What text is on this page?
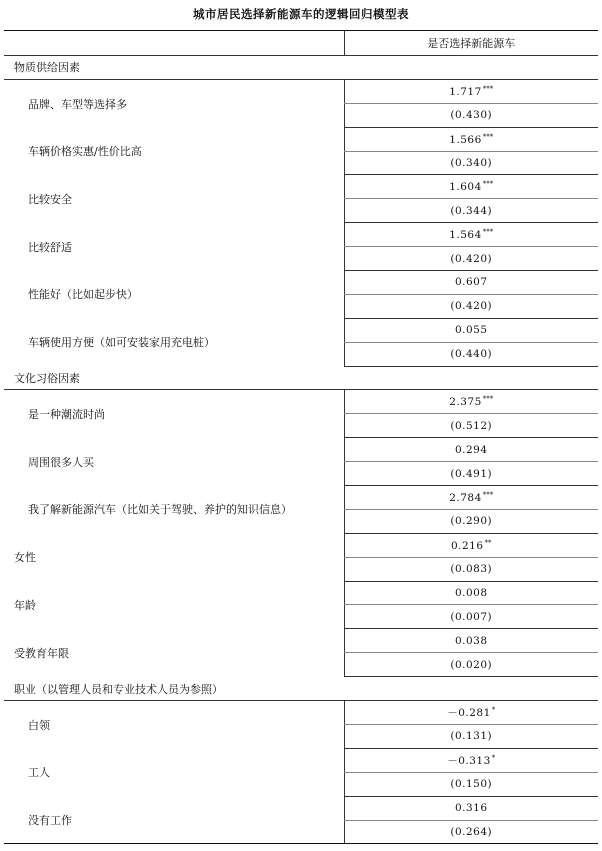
城市居民选择新能源车的逻辑回归模型表
	是否选择新能源车
物质供给因素	
品牌、车型等选择多	1.717***
	(0.430)
车辆价格实惠/性价比高	1.566***
	(0.340)
比较安全	1.604***
	(0.344)
比较舒适	1.564***
	(0.420)
性能好（比如起步快）	0.607
	(0.420)
车辆使用方便（如可安装家用充电桩）	0.055
	(0.440)
文化习俗因素	
是一种潮流时尚	2.375***
	(0.512)
周围很多人买	0.294
	(0.491)
我了解新能源汽车（比如关于驾驶、养护的知识信息）	2.784***
	(0.290)
女性	0.216**
	(0.083)
年龄	0.008
	(0.007)
受教育年限	0.038
	(0.020)
职业（以管理人员和专业技术人员为参照）	
白领	－0.281*
	(0.131)
工人	－0.313*
	(0.150)
没有工作	0.316
	(0.264)
